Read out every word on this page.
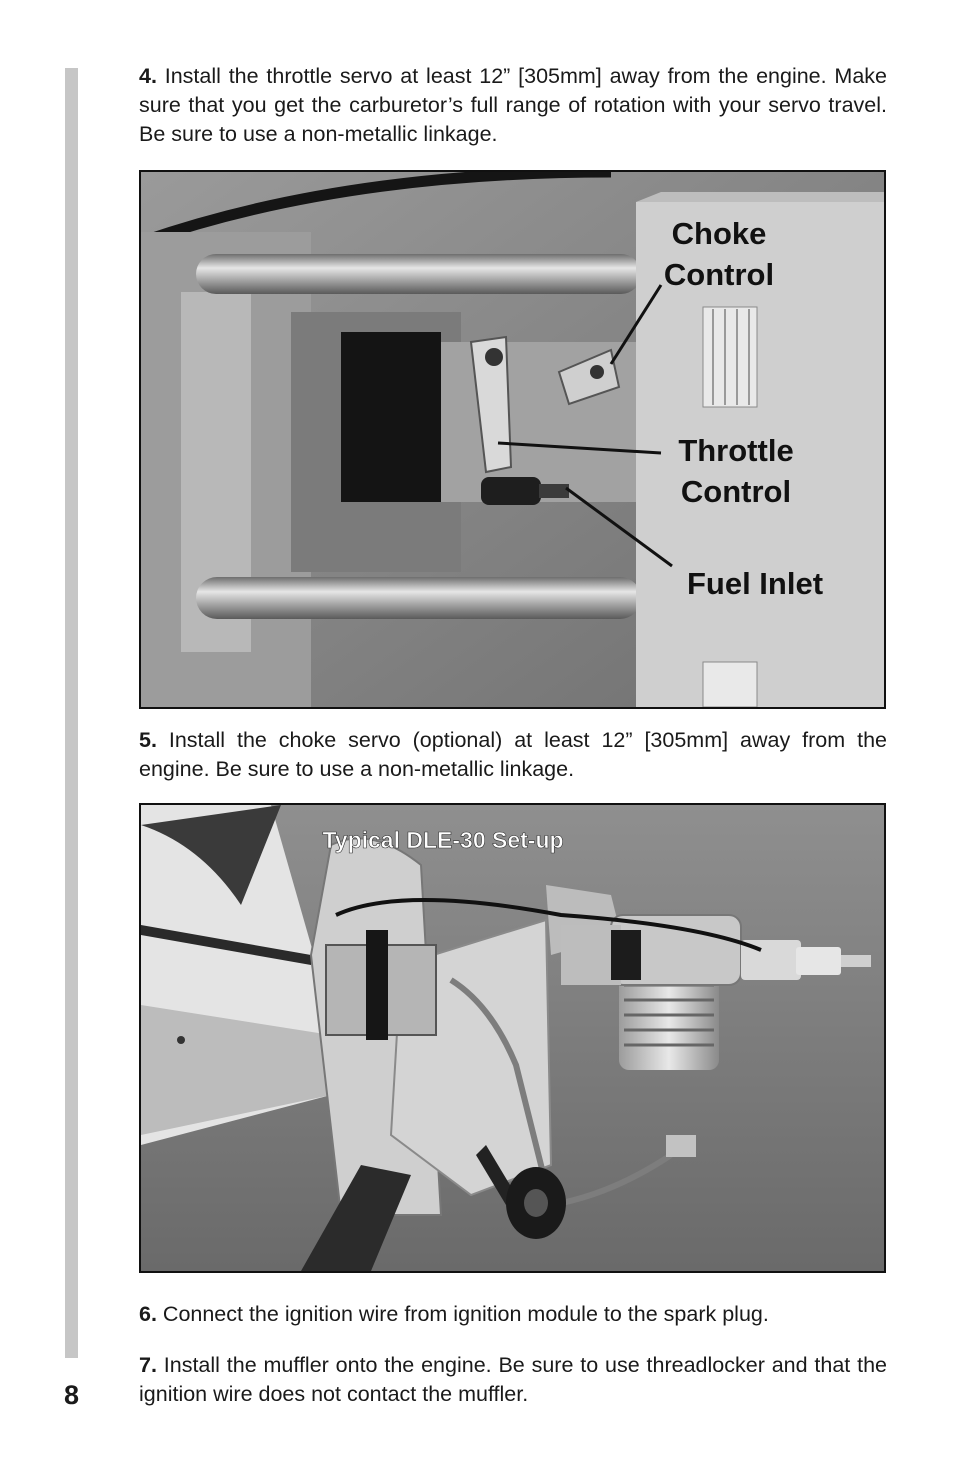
4. Install the throttle servo at least 12” [305mm] away from the engine. Make sure that you get the carburetor’s full range of rotation with your servo travel. Be sure to use a non-metallic linkage.

Choke
Control
Throttle
Control
Fuel Inlet

5. Install the choke servo (optional) at least 12” [305mm] away from the engine. Be sure to use a non-metallic linkage.

Typical DLE-30 Set-up

6. Connect the ignition wire from ignition module to the spark plug.

7. Install the muffler onto the engine. Be sure to use threadlocker and that the ignition wire does not contact the muffler.

8
